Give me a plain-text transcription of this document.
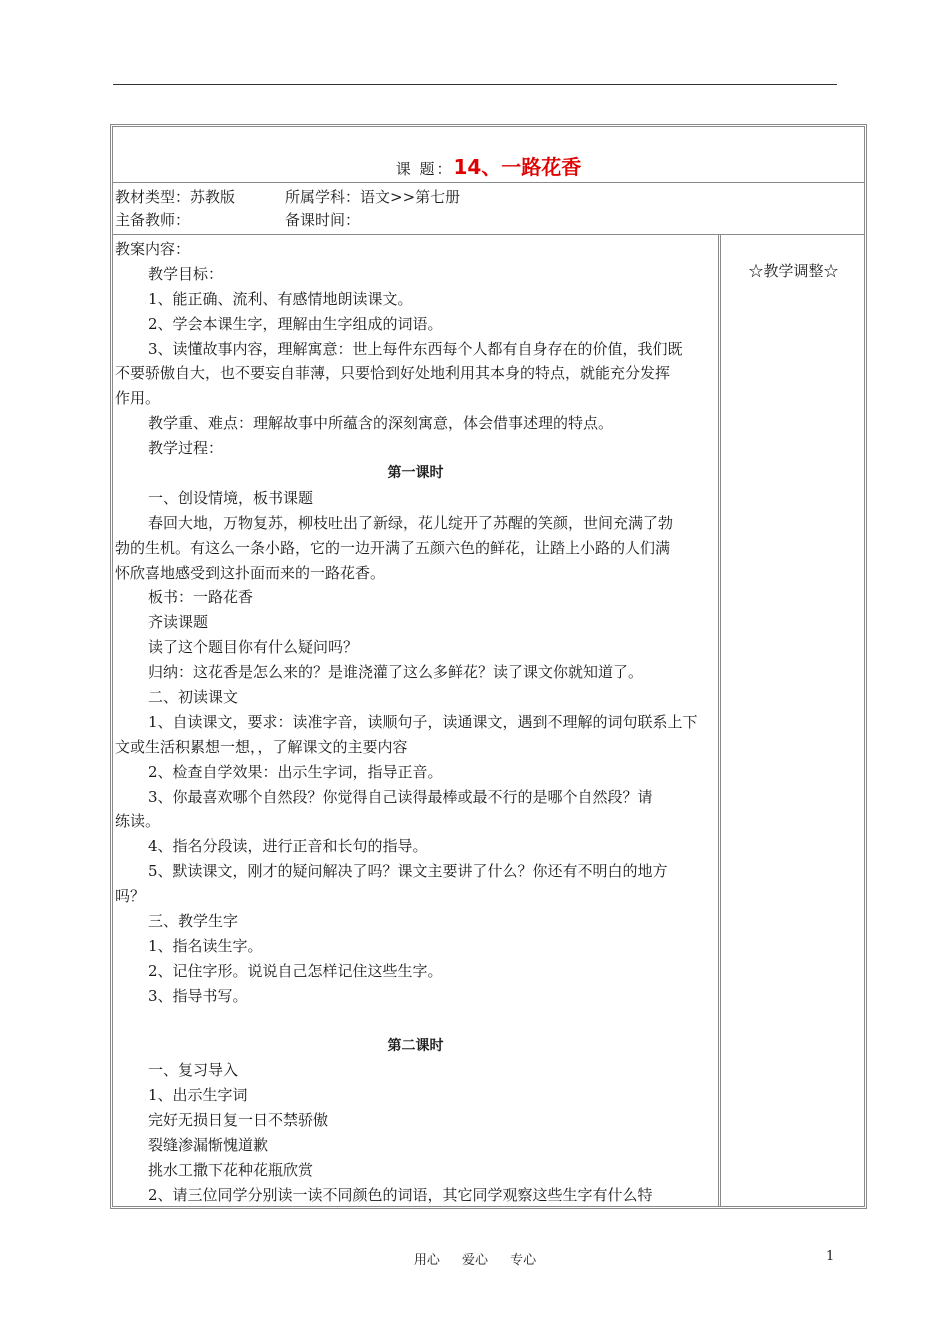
课 题：14、一路花香
教材类型：苏教版	所属学科：语文>>第七册
主备教师：	备课时间：
教案内容：
教学目标：
1、能正确、流利、有感情地朗读课文。
2、学会本课生字，理解由生字组成的词语。
3、读懂故事内容，理解寓意：世上每件东西每个人都有自身存在的价值，我们既
不要骄傲自大，也不要妄自菲薄，只要恰到好处地利用其本身的特点，就能充分发挥
作用。
教学重、难点：理解故事中所蕴含的深刻寓意，体会借事述理的特点。
教学过程：
第一课时
一、创设情境，板书课题
春回大地，万物复苏，柳枝吐出了新绿，花儿绽开了苏醒的笑颜，世间充满了勃
勃的生机。有这么一条小路，它的一边开满了五颜六色的鲜花，让踏上小路的人们满
怀欣喜地感受到这扑面而来的一路花香。
板书：一路花香
齐读课题
读了这个题目你有什么疑问吗？
归纳：这花香是怎么来的？是谁浇灌了这么多鲜花？读了课文你就知道了。
二、初读课文
1、自读课文，要求：读准字音，读顺句子，读通课文，遇到不理解的词句联系上下
文或生活积累想一想，，了解课文的主要内容
2、检查自学效果：出示生字词，指导正音。
3、你最喜欢哪个自然段？你觉得自己读得最棒或最不行的是哪个自然段？请
练读。
4、指名分段读，进行正音和长句的指导。
5、默读课文，刚才的疑问解决了吗？课文主要讲了什么？你还有不明白的地方
吗？
三、教学生字
1、指名读生字。
2、记住字形。说说自己怎样记住这些生字。
3、指导书写。
第二课时
一、复习导入
1、出示生字词
完好无损日复一日不禁骄傲
裂缝渗漏惭愧道歉
挑水工撒下花种花瓶欣赏
2、请三位同学分别读一读不同颜色的词语，其它同学观察这些生字有什么特
☆教学调整☆
用心 爱心 专心	1
